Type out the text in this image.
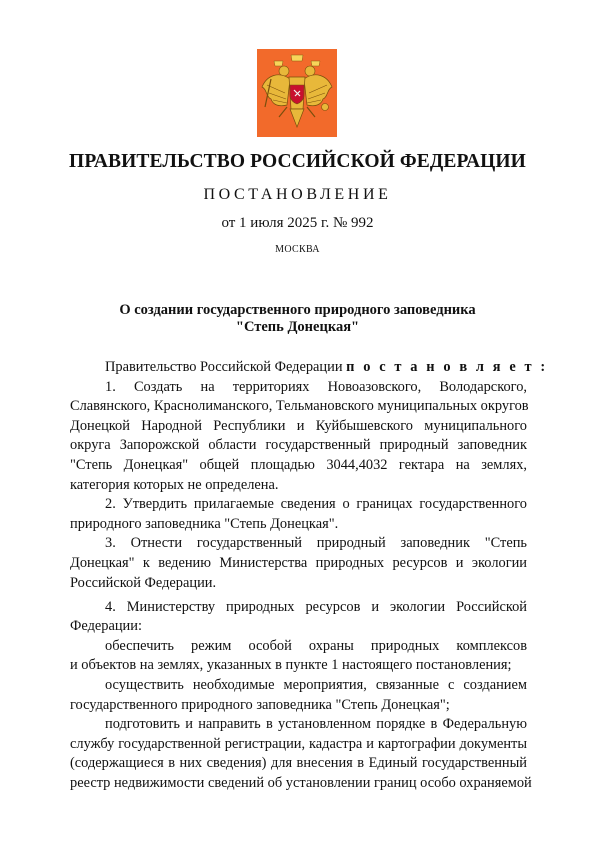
ПРАВИТЕЛЬСТВО РОССИЙСКОЙ ФЕДЕРАЦИИ
ПОСТАНОВЛЕНИЕ
от 1 июля 2025 г. № 992
МОСКВА
О создании государственного природного заповедника
"Степь Донецкая"
Правительство Российской Федерации п о с т а н о в л я е т :
1. Создать на территориях Новоазовского, Володарского,
Славянского, Краснолиманского, Тельмановского муниципальных округов
Донецкой Народной Республики и Куйбышевского муниципального
округа Запорожской области государственный природный заповедник
"Степь Донецкая" общей площадью 3044,4032 гектара на землях,
категория которых не определена.
2. Утвердить прилагаемые сведения о границах государственного
природного заповедника "Степь Донецкая".
3. Отнести государственный природный заповедник "Степь
Донецкая" к ведению Министерства природных ресурсов и экологии
Российской Федерации.
4. Министерству природных ресурсов и экологии Российской
Федерации:
обеспечить режим особой охраны природных комплексов
и объектов на землях, указанных в пункте 1 настоящего постановления;
осуществить необходимые мероприятия, связанные с созданием
государственного природного заповедника "Степь Донецкая";
подготовить и направить в установленном порядке в Федеральную
службу государственной регистрации, кадастра и картографии документы
(содержащиеся в них сведения) для внесения в Единый государственный
реестр недвижимости сведений об установлении границ особо охраняемой
